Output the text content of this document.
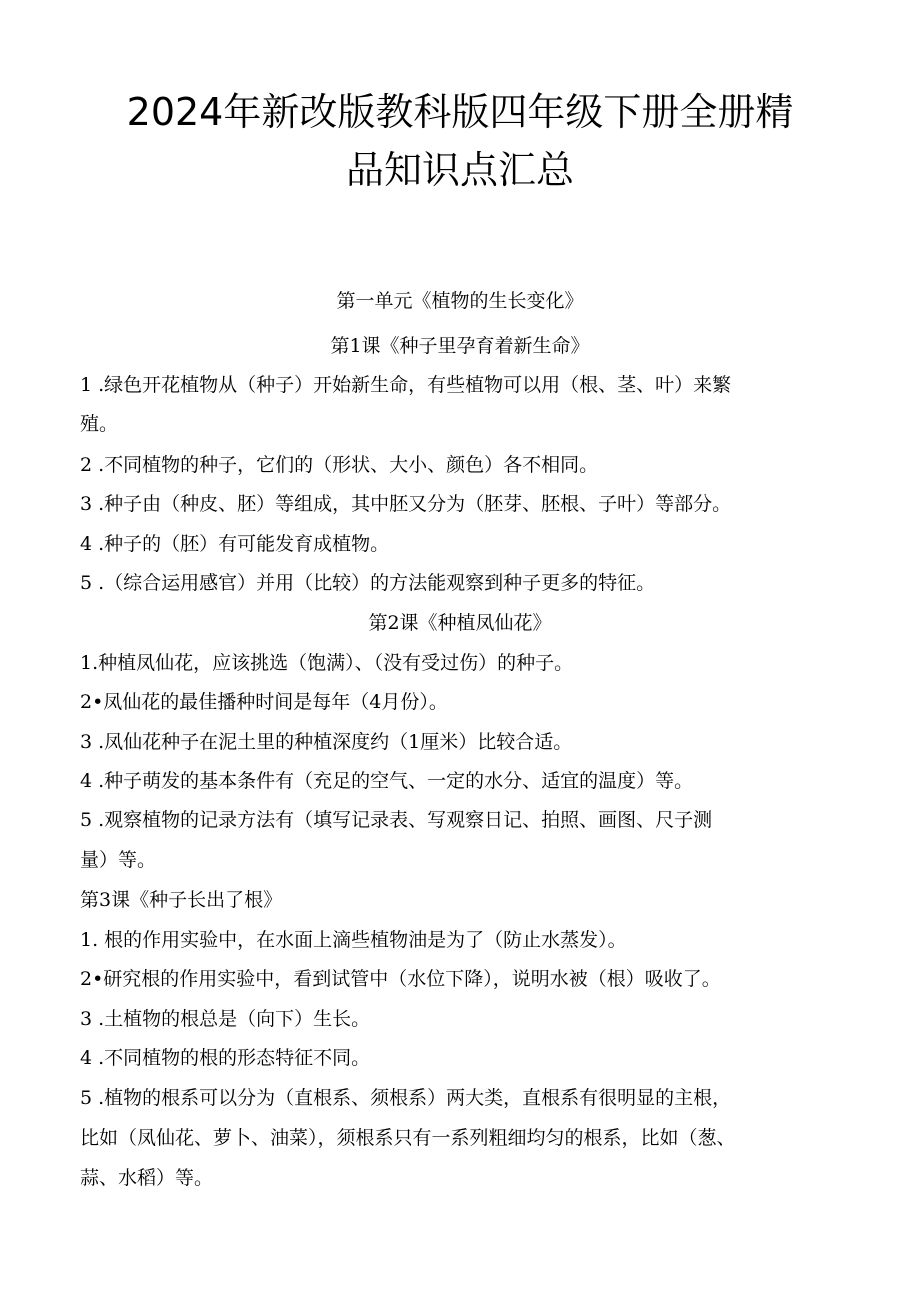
2024年新改版教科版四年级下册全册精
品知识点汇总
第一单元《植物的生长变化》
第1课《种子里孕育着新生命》
1 .绿色开花植物从（种子）开始新生命，有些植物可以用（根、茎、叶）来繁
殖。
2 .不同植物的种子，它们的（形状、大小、颜色）各不相同。
3 .种子由（种皮、胚）等组成，其中胚又分为（胚芽、胚根、子叶）等部分。
4 .种子的（胚）有可能发育成植物。
5 .（综合运用感官）并用（比较）的方法能观察到种子更多的特征。
第2课《种植凤仙花》
1.种植凤仙花，应该挑选（饱满）、（没有受过伤）的种子。
2•凤仙花的最佳播种时间是每年（4月份）。
3 .凤仙花种子在泥土里的种植深度约（1厘米）比较合适。
4 .种子萌发的基本条件有（充足的空气、一定的水分、适宜的温度）等。
5 .观察植物的记录方法有（填写记录表、写观察日记、拍照、画图、尺子测
量）等。
第3课《种子长出了根》
1. 根的作用实验中，在水面上滴些植物油是为了（防止水蒸发）。
2•研究根的作用实验中，看到试管中（水位下降），说明水被（根）吸收了。
3 .土植物的根总是（向下）生长。
4 .不同植物的根的形态特征不同。
5 .植物的根系可以分为（直根系、须根系）两大类，直根系有很明显的主根，
比如（凤仙花、萝卜、油菜），须根系只有一系列粗细均匀的根系，比如（葱、
蒜、水稻）等。
